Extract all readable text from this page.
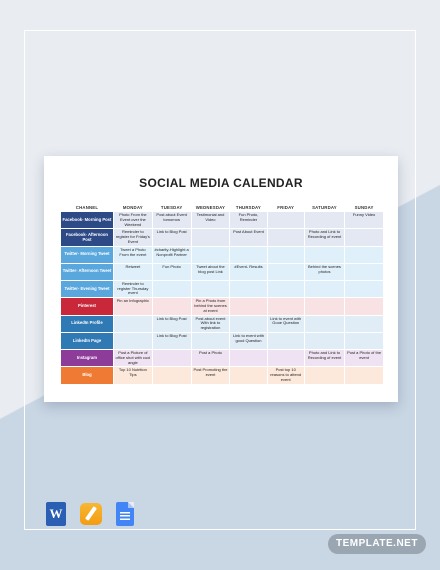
SOCIAL MEDIA CALENDAR
CHANNEL	MONDAY	TUESDAY	WEDNESDAY	THURSDAY	FRIDAY	SATURDAY	SUNDAY
Facebook- Morning Post	Photo From the Event over the Weekend	Post about Event tomorrow	Testimonial and Video	Fun Photo, Reminder			Funny Video
Facebook- Afternoon Post	Reminder to register for Friday's Event	Link to Blog Post		Post About Event		Photo and Link to Recording of event	
Twitter- Morning Tweet	Tweet a Photo From the event	#charity-Highlight a Nonprofit Partner					
Twitter- Afternoon Tweet	Retweet	Fun Photo	Tweet about the blog post Link	#Event- Results		Behind the scenes photos	
Twitter- Evening Tweet	Reminder to register Thursday event						
Pinterest	Pin an Infographic		Pin a Photo from behind the scenes at event				
LinkedIn Profile		Link to Blog Post	Post about event With link to registration		Link to event with Gooe Question		
LinkedIn Page		Link to Blog Post		Link to event with good Question			
Instagram	Post a Picture of office shot with cool angle		Post a Photo			Photo and Link to Recording of event	Post a Photo of the event
Blog	Top 10 Nutrition Tips		Post Promoting the event		Post top 10 reasons to attend event		
W
TEMPLATE.NET
